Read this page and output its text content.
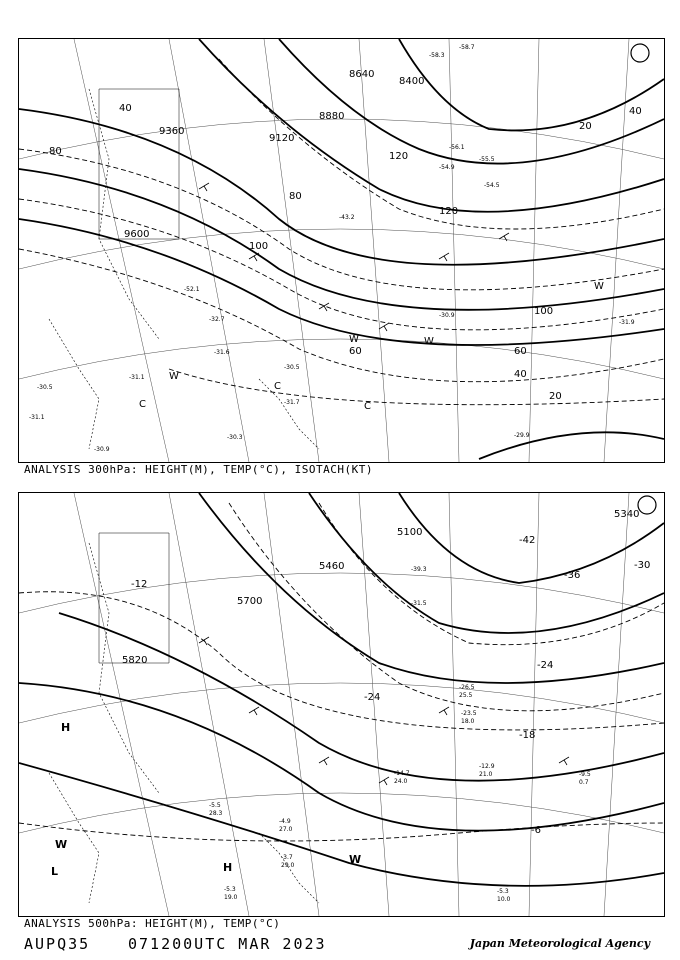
9360
9600
8640
8880
9120
8400
40
80	120
100
60
40
20
20
40
60
80
100
120
-52.1
-32.7	-31.9
-31.6
-31.1
-30.5
-31.1
-30.9
-30.3	-29.9
-31.7
-30.5
-43.2
-54.5
-30.9
-55.5
-56.1
-58.7
-58.3
-54.9
W
C
W
C
C
W
W
ANALYSIS 300hPa: HEIGHT(M), TEMP(°C), ISOTACH(KT)
5700
5820
5460
5100
5340
-12
-24
-18
-30
-42
-6
-24
-36
-14.7
24.0
-12.9
21.0	-9.5
0.7
-5.3
10.0
-4.9
27.0
-3.7
29.0
-5.3
19.0
-5.5
28.3
-23.5
18.0
-26.5
25.5
-39.3
-31.5
H
H
L
W
W
ANALYSIS 500hPa: HEIGHT(M), TEMP(°C)
AUPQ35	071200UTC MAR 2023	Japan Meteorological Agency
